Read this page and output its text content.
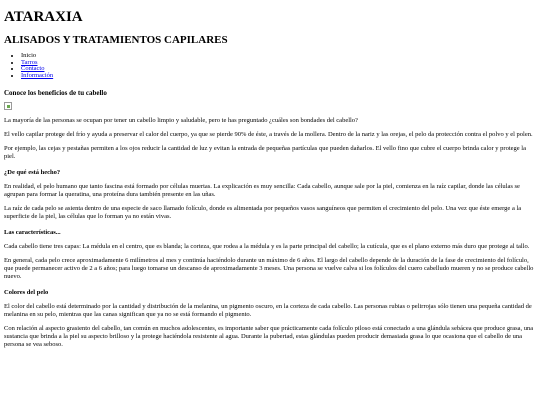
ATARAXIA
ALISADOS Y TRATAMIENTOS CAPILARES
• Inicio
• Tarros
• Contacto
• Información
Conoce los beneficios de tu cabello

La mayoría de las personas se ocupan por tener un cabello limpio y saludable, pero te has preguntado ¿cuáles son bondades del cabello?

El vello capilar protege del frío y ayuda a preservar el calor del cuerpo, ya que se pierde 90% de éste, a través de la mollera. Dentro de la nariz y las orejas, el pelo da protección contra el polvo y el polen.

Por ejemplo, las cejas y pestañas permiten a los ojos reducir la cantidad de luz y evitan la entrada de pequeñas partículas que pueden dañarlos. El vello fino que cubre el cuerpo brinda calor y protege la piel.

¿De qué está hecho?

En realidad, el pelo humano que tanto fascina está formado por células muertas. La explicación es muy sencilla: Cada cabello, aunque sale por la piel, comienza en la raíz capilar, donde las células se agrupan para formar la queratina, una proteína dura también presente en las uñas.

La raíz de cada pelo se asienta dentro de una especie de saco llamado folículo, donde es alimentada por pequeños vasos sanguíneos que permiten el crecimiento del pelo. Una vez que éste emerge a la superficie de la piel, las células que lo forman ya no están vivas.

Las características...

Cada cabello tiene tres capas: La médula en el centro, que es blanda; la corteza, que rodea a la médula y es la parte principal del cabello; la cutícula, que es el plano externo más duro que protege al tallo.

En general, cada pelo crece aproximadamente 6 milímetros al mes y continúa haciéndolo durante un máximo de 6 años. El largo del cabello depende de la duración de la fase de crecimiento del folículo, que puede permanecer activo de 2 a 6 años; para luego tomarse un descanso de aproximadamente 3 meses. Una persona se vuelve calva si los folículos del cuero cabelludo mueren y no se produce cabello nuevo.

Colores del pelo

El color del cabello está determinado por la cantidad y distribución de la melanina, un pigmento oscuro, en la corteza de cada cabello. Las personas rubias o pelirrojas sólo tienen una pequeña cantidad de melanina en su pelo, mientras que las canas significan que ya no se está formando el pigmento.

Con relación al aspecto grasiento del cabello, tan común en muchos adolescentes, es importante saber que prácticamente cada folículo piloso está conectado a una glándula sebácea que produce grasa, una sustancia que brinda a la piel su aspecto brilloso y la protege haciéndola resistente al agua. Durante la pubertad, estas glándulas pueden producir demasiada grasa lo que ocasiona que el cabello de una persona se vea seboso.
